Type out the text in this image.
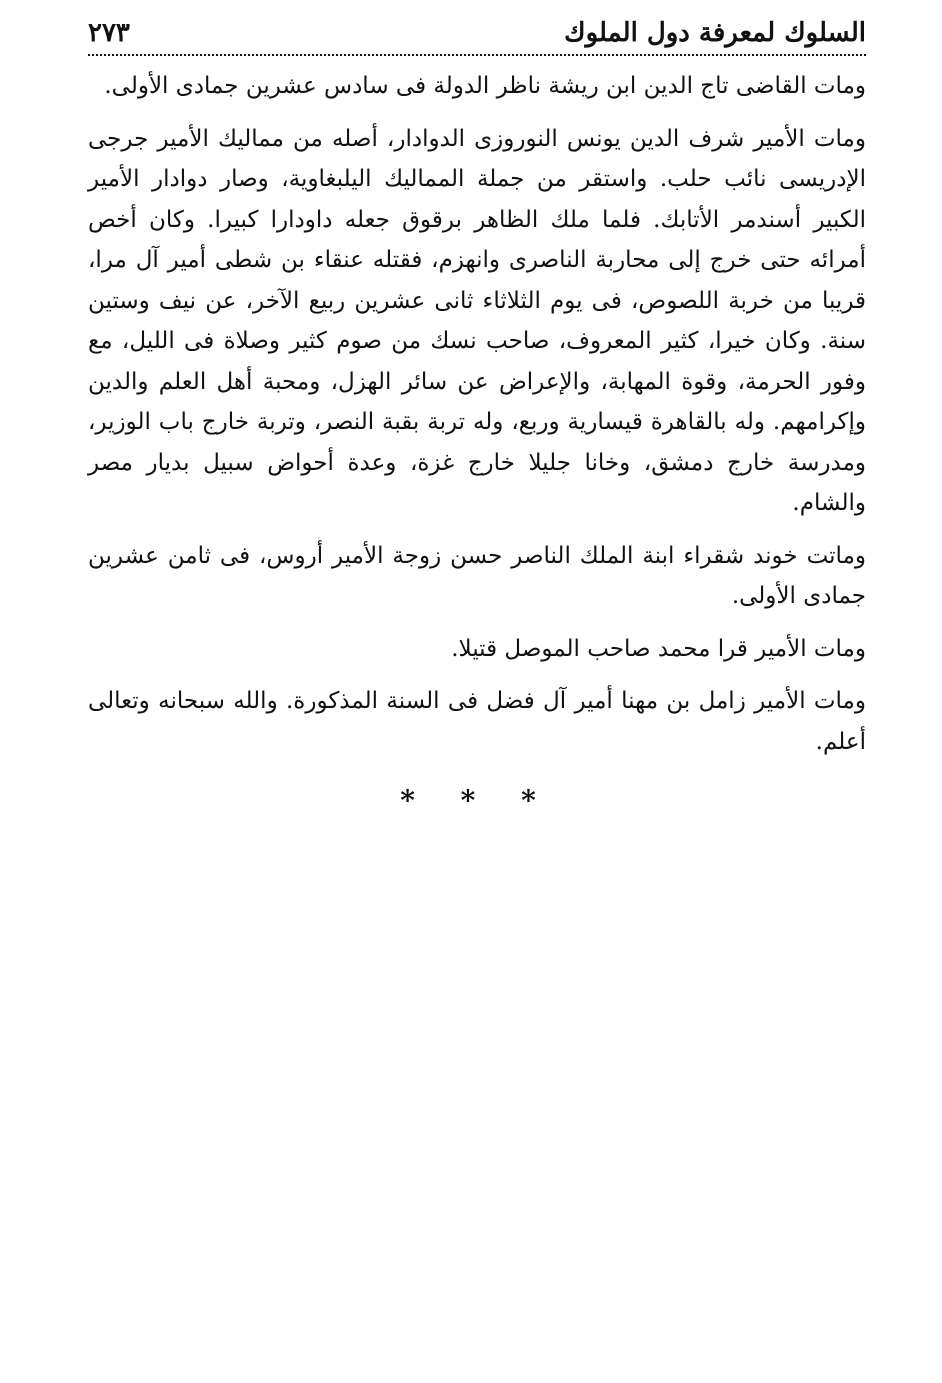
السلوك لمعرفة دول الملوك
٢٧٣

ومات القاضى تاج الدين ابن ريشة ناظر الدولة فى سادس عشرين جمادى الأولى.

ومات الأمير شرف الدين يونس النوروزى الدوادار، أصله من مماليك الأمير جرجى الإدريسى نائب حلب. واستقر من جملة المماليك اليلبغاوية، وصار دوادار الأمير الكبير أسندمر الأتابك. فلما ملك الظاهر برقوق جعله داودارا كبيرا. وكان أخص أمرائه حتى خرج إلى محاربة الناصرى وانهزم، فقتله عنقاء بن شطى أمير آل مرا، قريبا من خربة اللصوص، فى يوم الثلاثاء ثانى عشرين ربيع الآخر، عن نيف وستين سنة. وكان خيرا، كثير المعروف، صاحب نسك من صوم كثير وصلاة فى الليل، مع وفور الحرمة، وقوة المهابة، والإعراض عن سائر الهزل، ومحبة أهل العلم والدين وإكرامهم. وله بالقاهرة قيسارية وربع، وله تربة بقبة النصر، وتربة خارج باب الوزير، ومدرسة خارج دمشق، وخانا جليلا خارج غزة، وعدة أحواض سبيل بديار مصر والشام.

وماتت خوند شقراء ابنة الملك الناصر حسن زوجة الأمير أروس، فى ثامن عشرين جمادى الأولى.

ومات الأمير قرا محمد صاحب الموصل قتيلا.

ومات الأمير زامل بن مهنا أمير آل فضل فى السنة المذكورة. والله سبحانه وتعالى أعلم.

* * *
